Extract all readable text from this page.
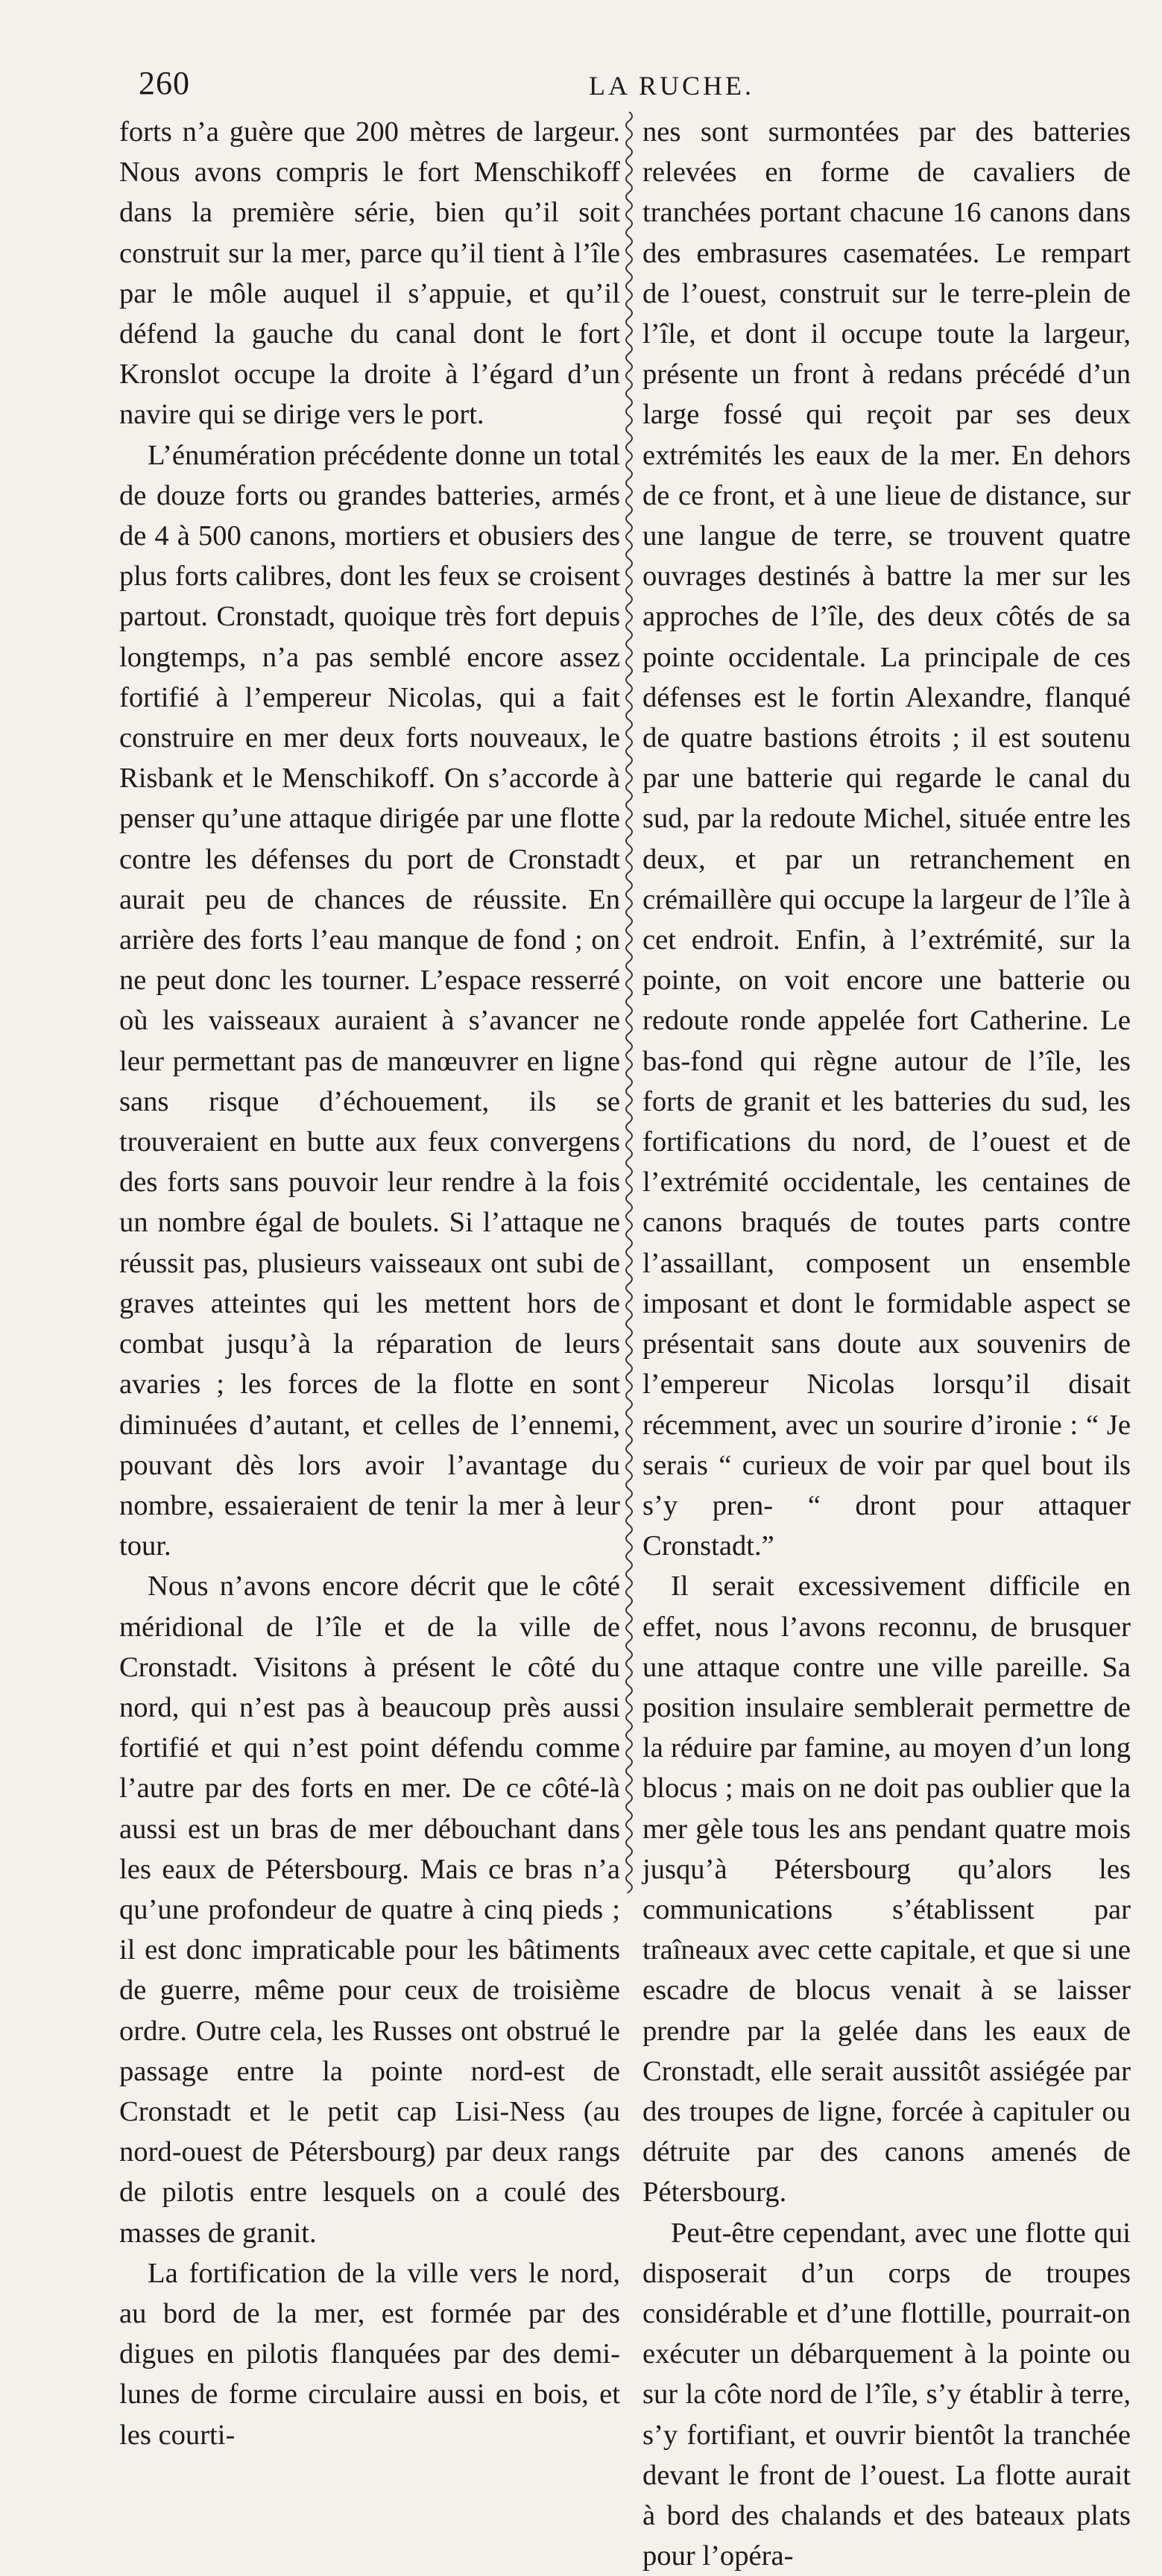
260	LA RUCHE.

forts n’a guère que 200 mètres de largeur. Nous avons compris le fort Menschikoff dans la première série, bien qu’il soit construit sur la mer, parce qu’il tient à l’île par le môle auquel il s’appuie, et qu’il défend la gauche du canal dont le fort Kronslot occupe la droite à l’égard d’un navire qui se dirige vers le port.

L’énumération précédente donne un total de douze forts ou grandes batteries, armés de 4 à 500 canons, mortiers et obusiers des plus forts calibres, dont les feux se croisent partout. Cronstadt, quoique très fort depuis longtemps, n’a pas semblé encore assez fortifié à l’empereur Nicolas, qui a fait construire en mer deux forts nouveaux, le Risbank et le Menschikoff. On s’accorde à penser qu’une attaque dirigée par une flotte contre les défenses du port de Cronstadt aurait peu de chances de réussite. En arrière des forts l’eau manque de fond ; on ne peut donc les tourner. L’espace resserré où les vaisseaux auraient à s’avancer ne leur permettant pas de manœuvrer en ligne sans risque d’échouement, ils se trouveraient en butte aux feux convergens des forts sans pouvoir leur rendre à la fois un nombre égal de boulets. Si l’attaque ne réussit pas, plusieurs vaisseaux ont subi de graves atteintes qui les mettent hors de combat jusqu’à la réparation de leurs avaries ; les forces de la flotte en sont diminuées d’autant, et celles de l’ennemi, pouvant dès lors avoir l’avantage du nombre, essaieraient de tenir la mer à leur tour.

Nous n’avons encore décrit que le côté méridional de l’île et de la ville de Cronstadt. Visitons à présent le côté du nord, qui n’est pas à beaucoup près aussi fortifié et qui n’est point défendu comme l’autre par des forts en mer. De ce côté-là aussi est un bras de mer débouchant dans les eaux de Pétersbourg. Mais ce bras n’a qu’une profondeur de quatre à cinq pieds ; il est donc impraticable pour les bâtiments de guerre, même pour ceux de troisième ordre. Outre cela, les Russes ont obstrué le passage entre la pointe nord-est de Cronstadt et le petit cap Lisi-Ness (au nord-ouest de Pétersbourg) par deux rangs de pilotis entre lesquels on a coulé des masses de granit.

La fortification de la ville vers le nord, au bord de la mer, est formée par des digues en pilotis flanquées par des demi-lunes de forme circulaire aussi en bois, et les courti-

nes sont surmontées par des batteries relevées en forme de cavaliers de tranchées portant chacune 16 canons dans des embrasures casematées. Le rempart de l’ouest, construit sur le terre-plein de l’île, et dont il occupe toute la largeur, présente un front à redans précédé d’un large fossé qui reçoit par ses deux extrémités les eaux de la mer. En dehors de ce front, et à une lieue de distance, sur une langue de terre, se trouvent quatre ouvrages destinés à battre la mer sur les approches de l’île, des deux côtés de sa pointe occidentale. La principale de ces défenses est le fortin Alexandre, flanqué de quatre bastions étroits ; il est soutenu par une batterie qui regarde le canal du sud, par la redoute Michel, située entre les deux, et par un retranchement en crémaillère qui occupe la largeur de l’île à cet endroit. Enfin, à l’extrémité, sur la pointe, on voit encore une batterie ou redoute ronde appelée fort Catherine. Le bas-fond qui règne autour de l’île, les forts de granit et les batteries du sud, les fortifications du nord, de l’ouest et de l’extrémité occidentale, les centaines de canons braqués de toutes parts contre l’assaillant, composent un ensemble imposant et dont le formidable aspect se présentait sans doute aux souvenirs de l’empereur Nicolas lorsqu’il disait récemment, avec un sourire d’ironie : “ Je serais “ curieux de voir par quel bout ils s’y pren- “ dront pour attaquer Cronstadt.”

Il serait excessivement difficile en effet, nous l’avons reconnu, de brusquer une attaque contre une ville pareille. Sa position insulaire semblerait permettre de la réduire par famine, au moyen d’un long blocus ; mais on ne doit pas oublier que la mer gèle tous les ans pendant quatre mois jusqu’à Pétersbourg qu’alors les communications s’établissent par traîneaux avec cette capitale, et que si une escadre de blocus venait à se laisser prendre par la gelée dans les eaux de Cronstadt, elle serait aussitôt assiégée par des troupes de ligne, forcée à capituler ou détruite par des canons amenés de Pétersbourg.

Peut-être cependant, avec une flotte qui disposerait d’un corps de troupes considérable et d’une flottille, pourrait-on exécuter un débarquement à la pointe ou sur la côte nord de l’île, s’y établir à terre, s’y fortifiant, et ouvrir bientôt la tranchée devant le front de l’ouest. La flotte aurait à bord des chalands et des bateaux plats pour l’opéra-
